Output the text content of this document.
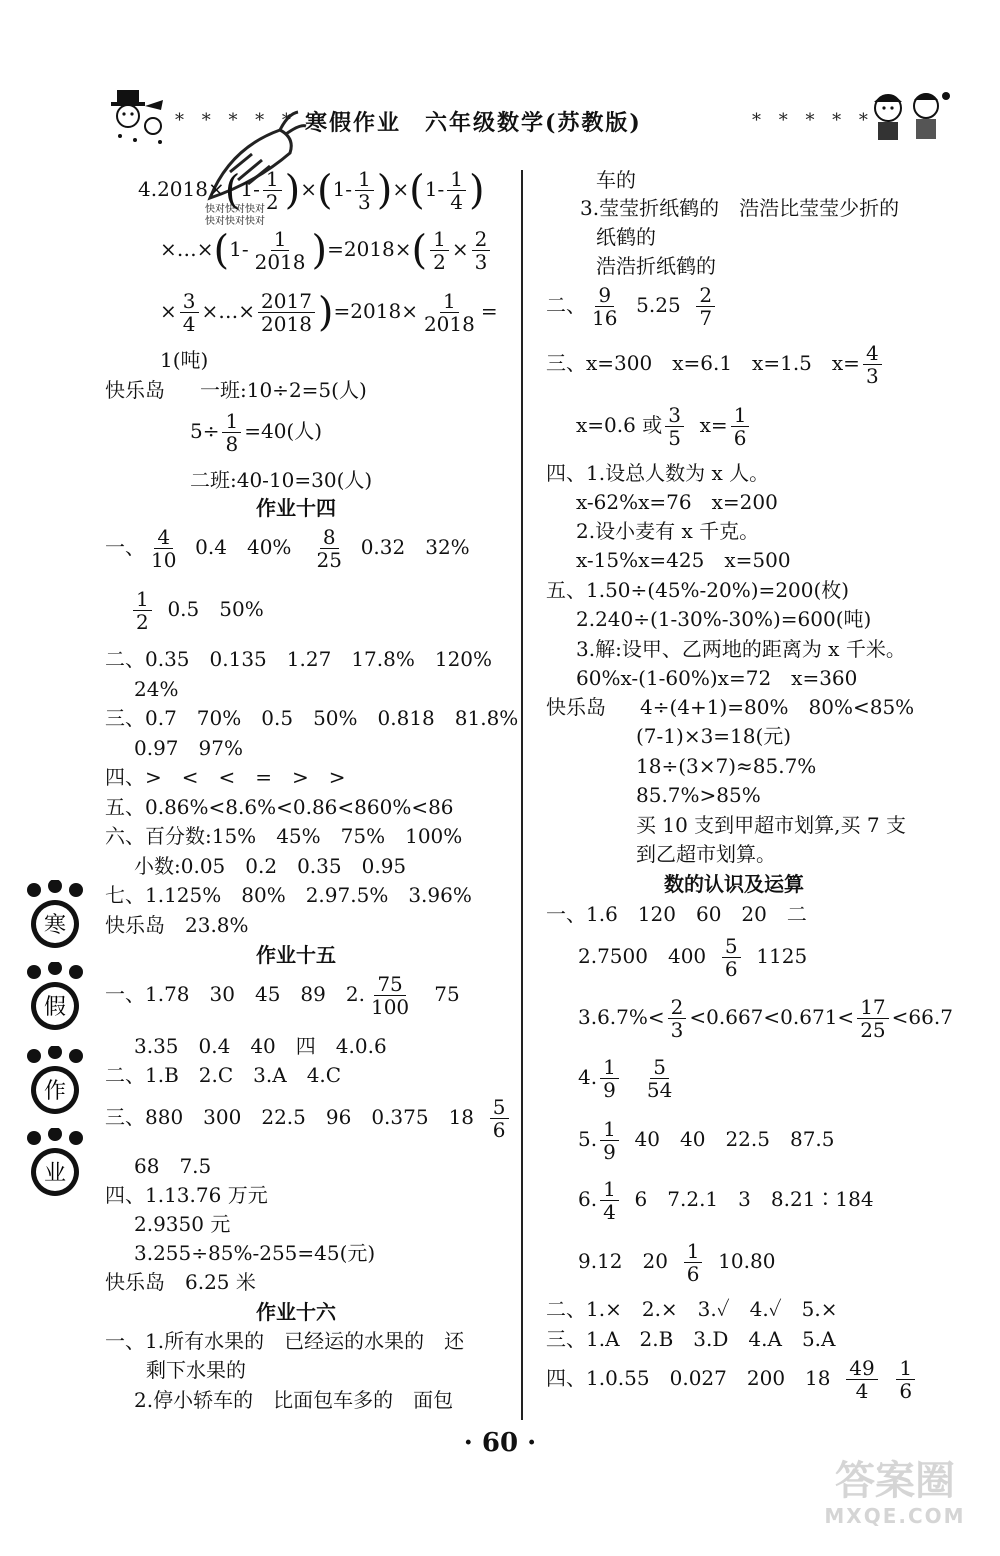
* * * * * 寒假作业　六年级数学(苏教版)	* * * * *
快对快对快对快对快对快对
$4.2018\times(1- \frac{1}{2} )\times(1- \frac{1}{3} )\times(1- \frac{1}{4}$ )
×…×(1- $\frac{1}{2018} )=2018\times( \frac{1}{2} \times \frac{2}{3}$
× $\frac{3}{4}$ ×…× $\frac{2017}{2018} )=2018\times \frac{1}{2018}$ =
1(吨)
快乐岛 一班:10÷2=5(人)
$5\div \frac{1}{8} =40$(人)
二班:40-10=30(人)
作业十四
一、 $\frac{4}{10} 0.4$　$40\% \frac{8}{25} 0.32$　32%
$\frac{1}{2} 0.5$　50%
二、0.35　0.135　1.27　17.8%　120%
24%
三、0.7　70%　0.5　50%　0.818　81.8%
0.97　97%
四、>　<　<　=　>　>
五、0.86%<8.6%<0.86<860%<86
六、百分数:15%　45%　75%　100%
小数:0.05　0.2　0.35　0.95
七、1.125%　80%　2.97.5%　3.96%
快乐岛　23.8%
作业十五
一、1.78　30　45　89　2. $\frac{75}{100} 75$
3.35　0.4　40　四　4.0.6
二、1.B　2.C　3.A　4.C
三、880　300　22.5　96　0.375　$18 \frac{5}{6}$
68　7.5
四、1.13.76 万元
2.9350 元
3.255÷85%-255=45(元)
快乐岛　6.25 米
作业十六
一、1.所有水果的　已经运的水果的　还
剩下水果的
2.停小轿车的　比面包车多的　面包
寒
假
作
业
车的
3.莹莹折纸鹤的　浩浩比莹莹少折的
纸鹤的
浩浩折纸鹤的
二、 $\frac{9}{16} 5.25 \frac{2}{7}$
三、x=300　x=6.1　x=1.5　$x= \frac{4}{3}$
x=0.6 或 $\frac{3}{5} x= \frac{1}{6}$
四、1.设总人数为 x 人。
x-62%x=76　x=200
2.设小麦有 x 千克。
x-15%x=425　x=500
五、1.50÷(45%-20%)=200(枚)
2.240÷(1-30%-30%)=600(吨)
3.解:设甲、乙两地的距离为 x 千米。
60%x-(1-60%)x=72　x=360
快乐岛 4÷(4+1)=80%　80%<85%
(7-1)×3=18(元)
18÷(3×7)≈85.7%
85.7%>85%
买 10 支到甲超市划算,买 7 支
到乙超市划算。
数的认识及运算
一、1.6　120　60　20　二
2.7500　$400 \frac{5}{6} 1125$
$3.6.7\%< \frac{2}{3} <0.667<0.671< \frac{17}{25} <66.7$
4. $\frac{1}{9}$
$\frac{5}{54}$
5. $\frac{1}{9} 40$　40　22.5　87.5
6. $\frac{1}{4} 6$　7.2.1　3　8.21∶184
9.12　$20 \frac{1}{6} 10.80$
二、1.×　2.×　3.✓　4.✓　5.×
三、1.A　2.B　3.D　4.A　5.A
四、1.0.55　0.027　200　$18 \frac{49}{4}$
$\frac{1}{6}$
· 60 ·
答案圈
MXQE.COM
